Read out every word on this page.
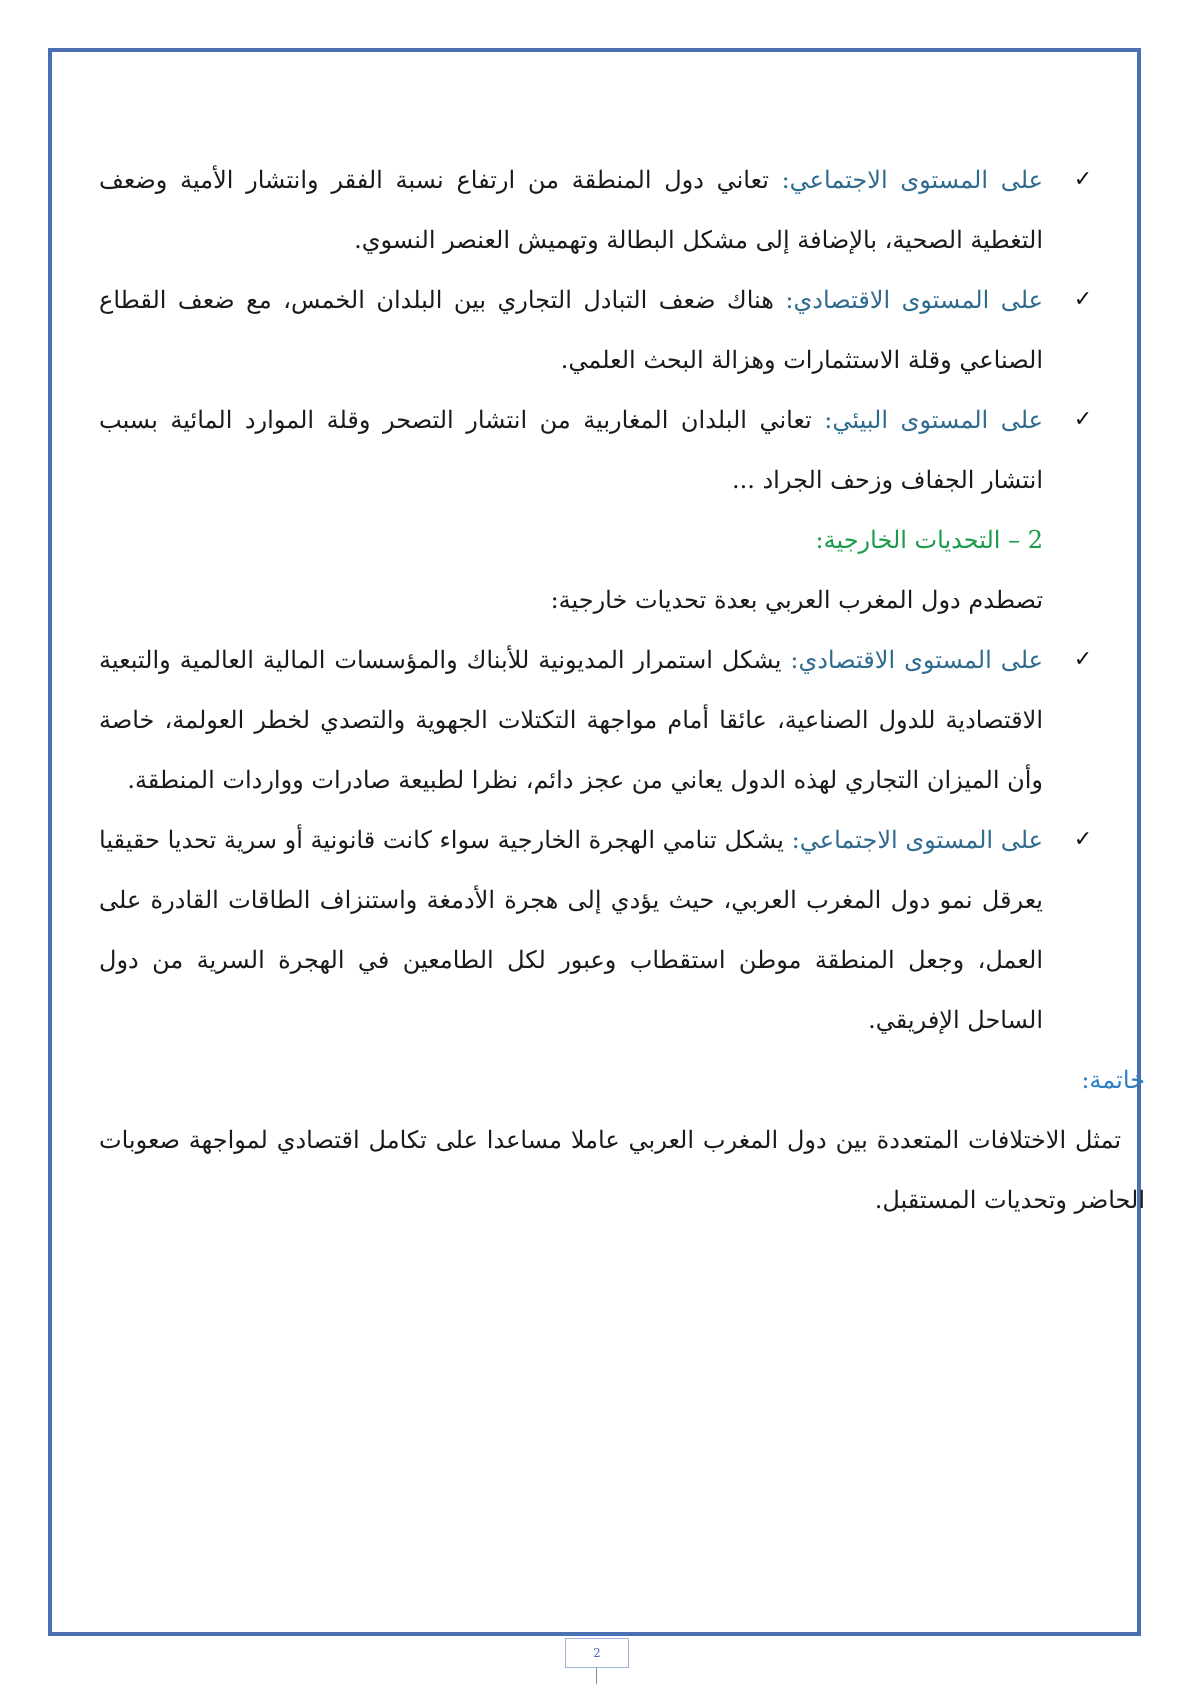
✓
على المستوى الاجتماعي: تعاني دول المنطقة من ارتفاع نسبة الفقر وانتشار الأمية وضعف التغطية الصحية، بالإضافة إلى مشكل البطالة وتهميش العنصر النسوي.

✓
على المستوى الاقتصادي: هناك ضعف التبادل التجاري بين البلدان الخمس، مع ضعف القطاع الصناعي وقلة الاستثمارات وهزالة البحث العلمي.

✓
على المستوى البيئي: تعاني البلدان المغاربية من انتشار التصحر وقلة الموارد المائية بسبب انتشار الجفاف وزحف الجراد ...

2 – التحديات الخارجية:

تصطدم دول المغرب العربي بعدة تحديات خارجية:

✓
على المستوى الاقتصادي: يشكل استمرار المديونية للأبناك والمؤسسات المالية العالمية والتبعية الاقتصادية للدول الصناعية، عائقا أمام مواجهة التكتلات الجهوية والتصدي لخطر العولمة، خاصة وأن الميزان التجاري لهذه الدول يعاني من عجز دائم، نظرا لطبيعة صادرات وواردات المنطقة.

✓
على المستوى الاجتماعي: يشكل تنامي الهجرة الخارجية سواء كانت قانونية أو سرية تحديا حقيقيا يعرقل نمو دول المغرب العربي، حيث يؤدي إلى هجرة الأدمغة واستنزاف الطاقات القادرة على العمل، وجعل المنطقة موطن استقطاب وعبور لكل الطامعين في الهجرة السرية من دول الساحل الإفريقي.

خاتمة:

تمثل الاختلافات المتعددة بين دول المغرب العربي عاملا مساعدا على تكامل اقتصادي لمواجهة صعوبات الحاضر وتحديات المستقبل.

2
